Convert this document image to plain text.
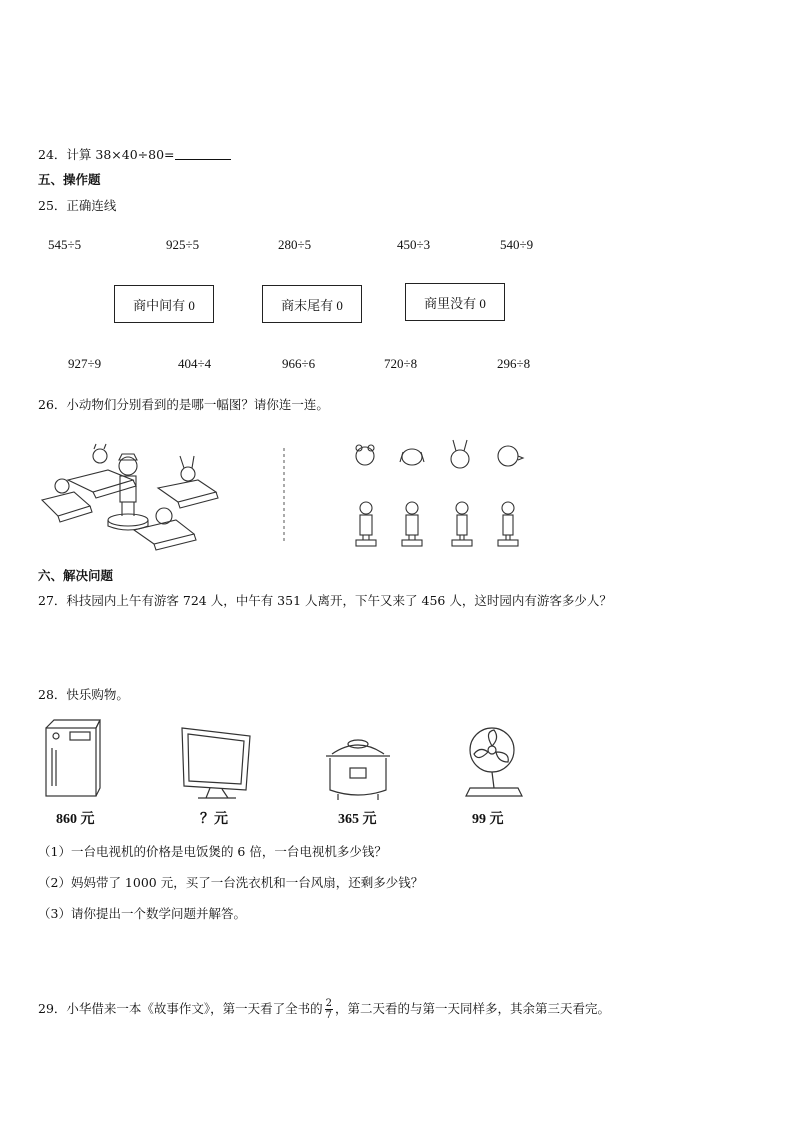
24．计算 38×40÷80=
五、操作题
25．正确连线
545÷5	925÷5	280÷5	450÷3	540÷9
商中间有 0	商末尾有 0	商里没有 0
927÷9	404÷4	966÷6	720÷8	296÷8
26．小动物们分别看到的是哪一幅图？请你连一连。
六、解决问题
27．科技园内上午有游客 724 人，中午有 351 人离开，下午又来了 456 人，这时园内有游客多少人？
28．快乐购物。
860 元	？元	365 元	99 元
（1）一台电视机的价格是电饭煲的 6 倍，一台电视机多少钱？
（2）妈妈带了 1000 元，买了一台洗衣机和一台风扇，还剩多少钱？
（3）请你提出一个数学问题并解答。
29．小华借来一本《故事作文》，第一天看了全书的 $\frac{2}{7}$ ，第二天看的与第一天同样多，其余第三天看完。
